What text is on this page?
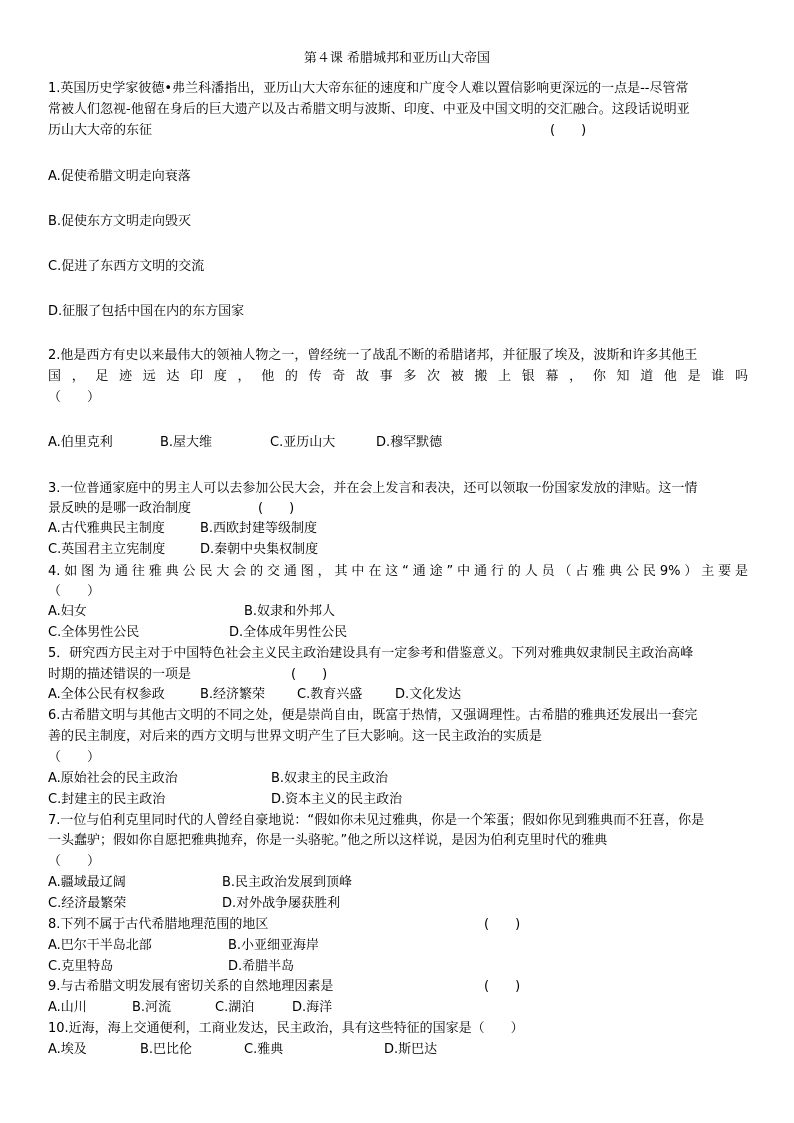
第４课 希腊城邦和亚历山大帝国
1.英国历史学家彼德•弗兰科潘指出，亚历山大大帝东征的速度和广度令人难以置信影响更深远的一点是--尽管常
常被人们忽视-他留在身后的巨大遗产以及古希腊文明与波斯、印度、中亚及中国文明的交汇融合。这段话说明亚
历山大大帝的东征	(　　)
A.促使希腊文明走向衰落
B.促使东方文明走向毁灭
C.促进了东西方文明的交流
D.征服了包括中国在内的东方国家
2.他是西方有史以来最伟大的领袖人物之一，曾经统一了战乱不断的希腊诸邦，并征服了埃及，波斯和许多其他王
国，足迹远达印度，他的传奇故事多次被搬上银幕，你知道他是谁吗
（　　）
A.伯里克利	B.屋大维	C.亚历山大	D.穆罕默德
3.一位普通家庭中的男主人可以去参加公民大会，并在会上发言和表决，还可以领取一份国家发放的津贴。这一情
景反映的是哪一政治制度	(　　)
A.古代雅典民主制度	B.西欧封建等级制度
C.英国君主立宪制度	D.秦朝中央集权制度
4.如图为通往雅典公民大会的交通图，其中在这“通途”中通行的人员（占雅典公民9%）主要是
（　　）
A.妇女	B.奴隶和外邦人
C.全体男性公民	D.全体成年男性公民
5．研究西方民主对于中国特色社会主义民主政治建设具有一定参考和借鉴意义。下列对雅典奴隶制民主政治高峰
时期的描述错误的一项是	(　　)
A.全体公民有权参政	B.经济繁荣	C.教育兴盛	D.文化发达
6.古希腊文明与其他古文明的不同之处，便是崇尚自由，既富于热情，又强调理性。古希腊的雅典还发展出一套完
善的民主制度，对后来的西方文明与世界文明产生了巨大影响。这一民主政治的实质是
（　　）
A.原始社会的民主政治	B.奴隶主的民主政治
C.封建主的民主政治	D.资本主义的民主政治
7.一位与伯利克里同时代的人曾经自豪地说：“假如你未见过雅典，你是一个笨蛋；假如你见到雅典而不狂喜，你是
一头蠢驴；假如你自愿把雅典抛弃，你是一头骆驼。”他之所以这样说，是因为伯利克里时代的雅典
（　　）
A.疆域最辽阔	B.民主政治发展到顶峰
C.经济最繁荣	D.对外战争屡获胜利
8.下列不属于古代希腊地理范围的地区	(　　)
A.巴尔干半岛北部	B.小亚细亚海岸
C.克里特岛	D.希腊半岛
9.与古希腊文明发展有密切关系的自然地理因素是	(　　)
A.山川	B.河流	C.湖泊	D.海洋
10.近海，海上交通便利，工商业发达，民主政治，具有这些特征的国家是（　　）
A.埃及	B.巴比伦	C.雅典	D.斯巴达
